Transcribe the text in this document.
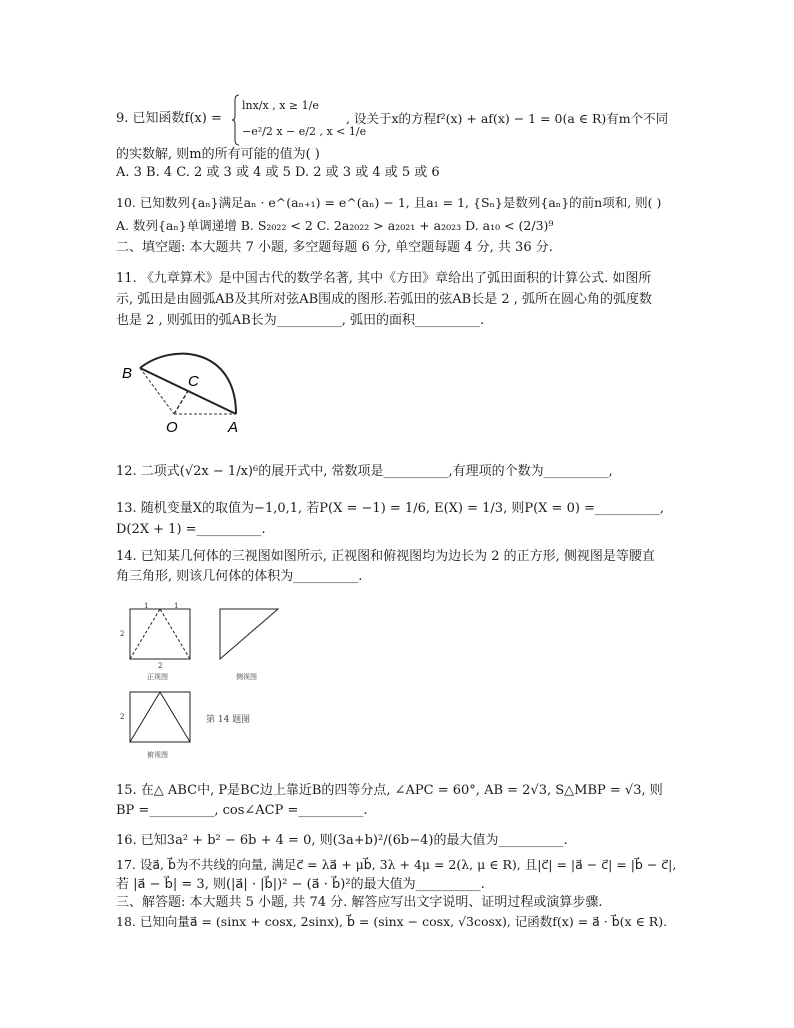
9. 已知函数f(x) =
lnx/x , x ≥ 1/e
−e²/2 x − e/2 , x < 1/e
, 设关于x的方程f²(x) + af(x) − 1 = 0(a ∈ R)有m个不同
的实数解, 则m的所有可能的值为( )
A. 3 B. 4 C. 2 或 3 或 4 或 5 D. 2 或 3 或 4 或 5 或 6
10. 已知数列{aₙ}满足aₙ · e^(aₙ₊₁) = e^(aₙ) − 1, 且a₁ = 1, {Sₙ}是数列{aₙ}的前n项和, 则( )
A. 数列{aₙ}单调递增 B. S₂₀₂₂ < 2 C. 2a₂₀₂₂ > a₂₀₂₁ + a₂₀₂₃ D. a₁₀ < (2/3)⁹
二、填空题: 本大题共 7 小题, 多空题每题 6 分, 单空题每题 4 分, 共 36 分.
11. 《九章算术》是中国古代的数学名著, 其中《方田》章给出了弧田面积的计算公式. 如图所
示, 弧田是由圆弧AB及其所对弦AB围成的图形.若弧田的弦AB长是 2 , 弧所在圆心角的弧度数
也是 2 , 则弧田的弧AB长为__________, 弧田的面积__________.
B	C
O	A
12. 二项式(√2x − 1/x)⁶的展开式中, 常数项是__________,有理项的个数为__________,
13. 随机变量X的取值为−1,0,1, 若P(X = −1) = 1/6, E(X) = 1/3, 则P(X = 0) =__________,
D(2X + 1) =__________.
14. 已知某几何体的三视图如图所示, 正视图和俯视图均为边长为 2 的正方形, 侧视图是等腰直
角三角形, 则该几何体的体积为__________.
1	1
2
2
正视图	侧视图
2
俯视图
第 14 题图
15. 在△ ABC中, P是BC边上靠近B的四等分点, ∠APC = 60°, AB = 2√3, S△MBP = √3, 则
BP =__________, cos∠ACP =__________.
16. 已知3a² + b² − 6b + 4 = 0, 则(3a+b)²/(6b−4)的最大值为__________.
17. 设a⃗, b⃗为不共线的向量, 满足c⃗ = λa⃗ + μb⃗, 3λ + 4μ = 2(λ, μ ∈ R), 且|c⃗| = |a⃗ − c⃗| = |b⃗ − c⃗|,
若 |a⃗ − b⃗| = 3, 则(|a⃗| · |b⃗|)² − (a⃗ · b⃗)²的最大值为__________.
三、解答题: 本大题共 5 小题, 共 74 分. 解答应写出文字说明、证明过程或演算步骤.
18. 已知向量a⃗ = (sinx + cosx, 2sinx), b⃗ = (sinx − cosx, √3cosx), 记函数f(x) = a⃗ · b⃗(x ∈ R).
